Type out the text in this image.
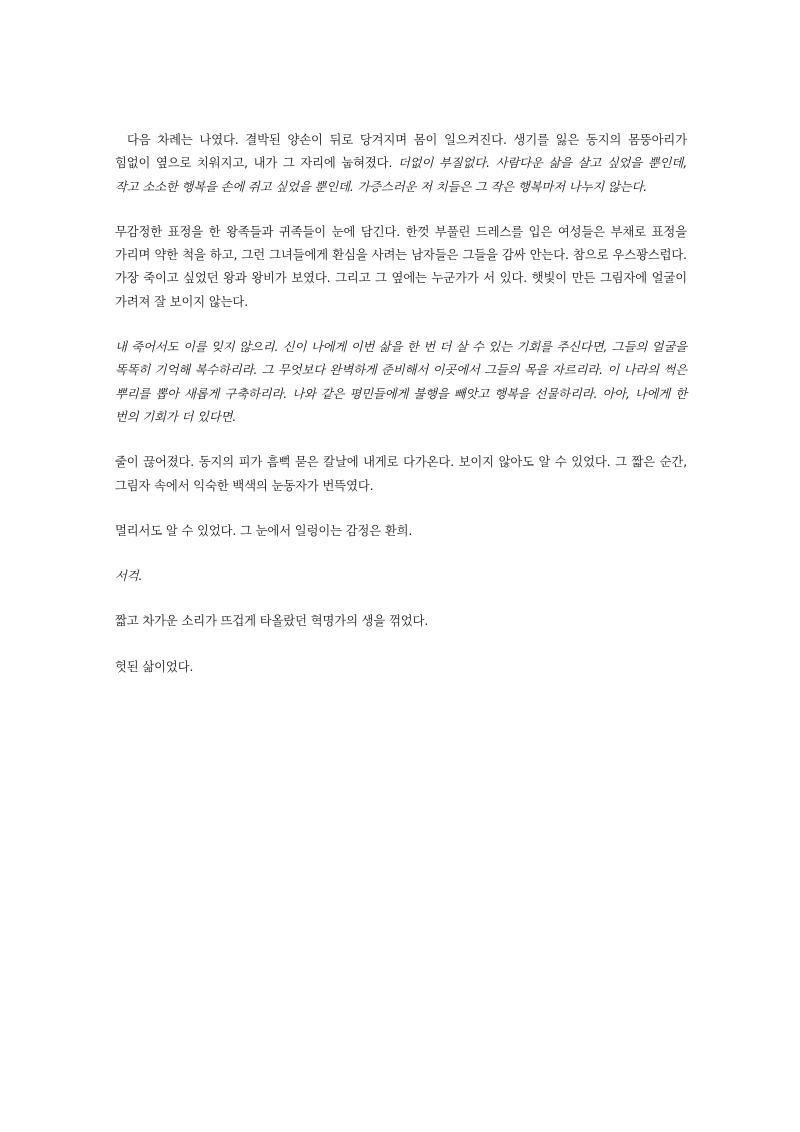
다음 차례는 나였다. 결박된 양손이 뒤로 당겨지며 몸이 일으켜진다. 생기를 잃은 동지의 몸뚱아리가 힘없이 옆으로 치워지고, 내가 그 자리에 눕혀졌다. 더없이 부질없다. 사람다운 삶을 살고 싶었을 뿐인데, 작고 소소한 행복을 손에 쥐고 싶었을 뿐인데. 가증스러운 저 치들은 그 작은 행복마저 나누지 않는다.

무감정한 표정을 한 왕족들과 귀족들이 눈에 담긴다. 한껏 부풀린 드레스를 입은 여성들은 부채로 표정을 가리며 약한 척을 하고, 그런 그녀들에게 환심을 사려는 남자들은 그들을 감싸 안는다. 참으로 우스꽝스럽다. 가장 죽이고 싶었던 왕과 왕비가 보였다. 그리고 그 옆에는 누군가가 서 있다. 햇빛이 만든 그림자에 얼굴이 가려져 잘 보이지 않는다.

내 죽어서도 이를 잊지 않으리. 신이 나에게 이번 삶을 한 번 더 살 수 있는 기회를 주신다면, 그들의 얼굴을 똑똑히 기억해 복수하리라. 그 무엇보다 완벽하게 준비해서 이곳에서 그들의 목을 자르리라. 이 나라의 썩은 뿌리를 뽑아 새롭게 구축하리라. 나와 같은 평민들에게 불행을 빼앗고 행복을 선물하리라. 아아, 나에게 한 번의 기회가 더 있다면.

줄이 끊어졌다. 동지의 피가 흠뻑 묻은 칼날에 내게로 다가온다. 보이지 않아도 알 수 있었다. 그 짧은 순간, 그림자 속에서 익숙한 백색의 눈동자가 번뜩였다.

멀리서도 알 수 있었다. 그 눈에서 일렁이는 감정은 환희.

서걱.

짧고 차가운 소리가 뜨겁게 타올랐던 혁명가의 생을 꺾었다.

헛된 삶이었다.
